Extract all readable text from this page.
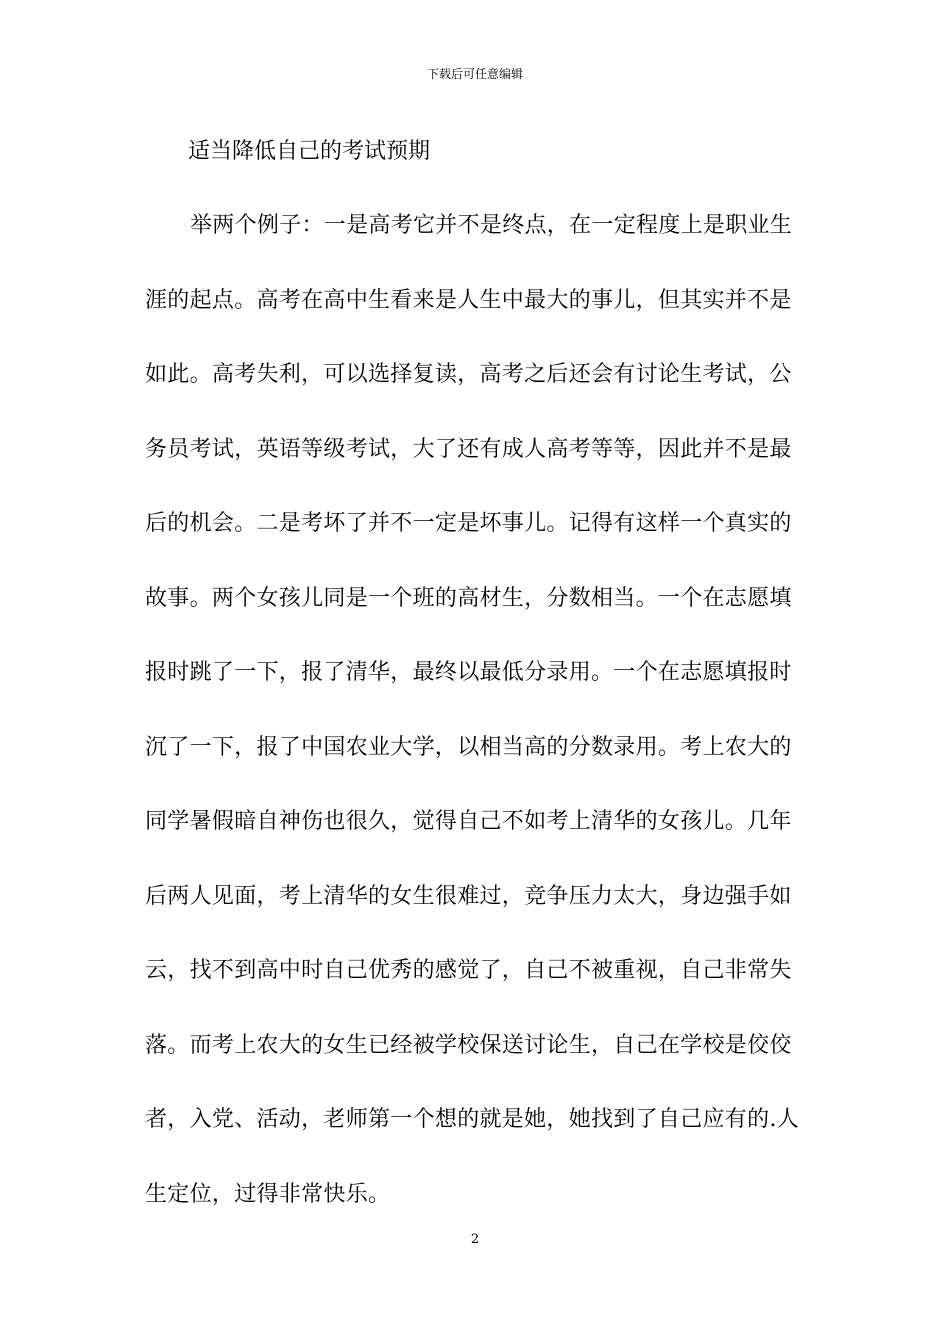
下载后可任意编辑
适当降低自己的考试预期
举两个例子：一是高考它并不是终点，在一定程度上是职业生
涯的起点。高考在高中生看来是人生中最大的事儿，但其实并不是
如此。高考失利，可以选择复读，高考之后还会有讨论生考试，公
务员考试，英语等级考试，大了还有成人高考等等，因此并不是最
后的机会。二是考坏了并不一定是坏事儿。记得有这样一个真实的
故事。两个女孩儿同是一个班的高材生，分数相当。一个在志愿填
报时跳了一下，报了清华，最终以最低分录用。一个在志愿填报时
沉了一下，报了中国农业大学，以相当高的分数录用。考上农大的
同学暑假暗自神伤也很久，觉得自己不如考上清华的女孩儿。几年
后两人见面，考上清华的女生很难过，竞争压力太大，身边强手如
云，找不到高中时自己优秀的感觉了，自己不被重视，自己非常失
落。而考上农大的女生已经被学校保送讨论生，自己在学校是佼佼
者，入党、活动，老师第一个想的就是她，她找到了自己应有的.人
生定位，过得非常快乐。
2
